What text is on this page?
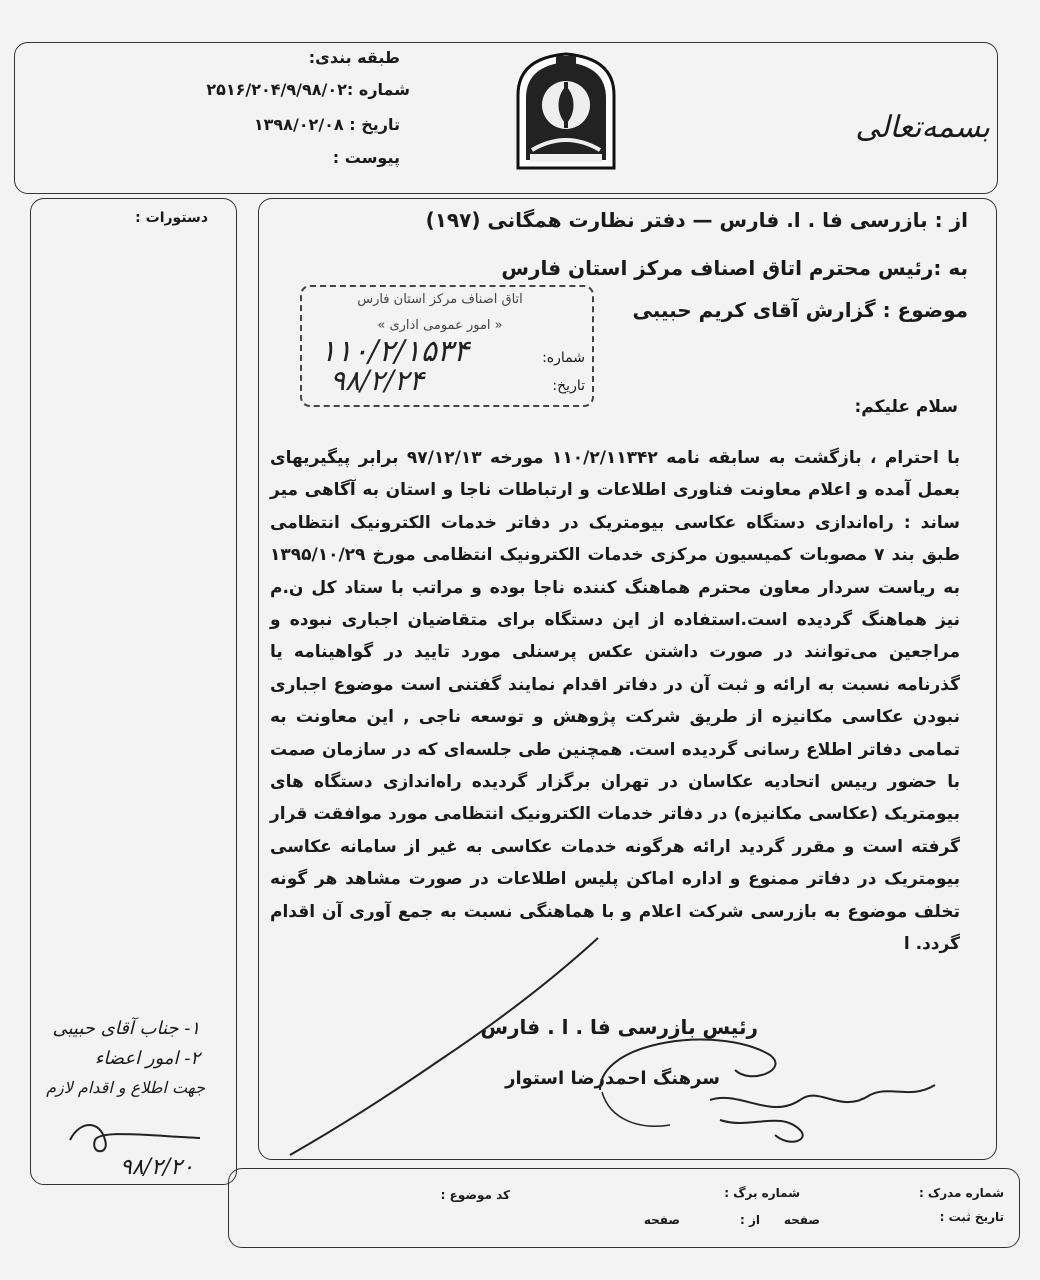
طبقه بندی:
شماره :۲۵۱۶/۲۰۴/۹/۹۸/۰۲
تاریخ : ۱۳۹۸/۰۲/۰۸
پیوست :
بسمه‌تعالی
دستورات :	از : بازرسی فا . ا. فارس — دفتر نظارت همگانی (۱۹۷)
به :رئیس محترم اتاق اصناف مرکز استان فارس
موضوع : گزارش آقای کریم حبیبی
اتاق اصناف مرکز استان فارس
« امور عمومی اداری »
شماره:
تاریخ:
۱۱۰/۲/۱۵۳۴
۹۸/۲/۲۴
سلام علیکم:
با احترام ، بازگشت به سابقه نامه ۱۱۰/۲/۱۱۳۴۲ مورخه ۹۷/۱۲/۱۳ برابر پیگیریهای بعمل آمده و اعلام معاونت فناوری اطلاعات و ارتباطات ناجا و استان به آگاهی میر ساند : راه‌اندازی دستگاه عکاسی بیومتریک در دفاتر خدمات الکترونیک انتظامی طبق بند ۷ مصوبات کمیسیون مرکزی خدمات الکترونیک انتظامی مورخ ۱۳۹۵/۱۰/۲۹ به ریاست سردار معاون محترم هماهنگ کننده ناجا بوده و مراتب با ستاد کل ن.م نیز هماهنگ گردیده است.استفاده از این دستگاه برای متقاضیان اجباری نبوده و مراجعین می‌توانند در صورت داشتن عکس پرسنلی مورد تایید در گواهینامه یا گذرنامه نسبت به ارائه و ثبت آن در دفاتر اقدام نمایند گفتنی است موضوع اجباری نبودن عکاسی مکانیزه از طریق شرکت پژوهش و توسعه ناجی , این معاونت به تمامی دفاتر اطلاع رسانی گردیده است. همچنین طی جلسه‌ای که در سازمان صمت با حضور رییس اتحادیه عکاسان در تهران برگزار گردیده راه‌اندازی دستگاه های بیومتریک (عکاسی مکانیزه) در دفاتر خدمات الکترونیک انتظامی مورد موافقت قرار گرفته است و مقرر گردید ارائه هرگونه خدمات عکاسی به غیر از سامانه عکاسی بیومتریک در دفاتر ممنوع و اداره اماکن پلیس اطلاعات در صورت مشاهد هر گونه تخلف موضوع به بازرسی شرکت اعلام و با هماهنگی نسبت به جمع آوری آن اقدام گردد. ا
رئیس بازرسی فا . ا . فارس
سرهنگ احمدرضا استوار
۱- جناب آقای حبیبی
۲- امور اعضاء
جهت اطلاع و اقدام لازم
۹۸/۲/۲۰
شماره مدرک :
تاریخ ثبت :
شماره برگ :
صفحه
از :
صفحه
کد موضوع :
